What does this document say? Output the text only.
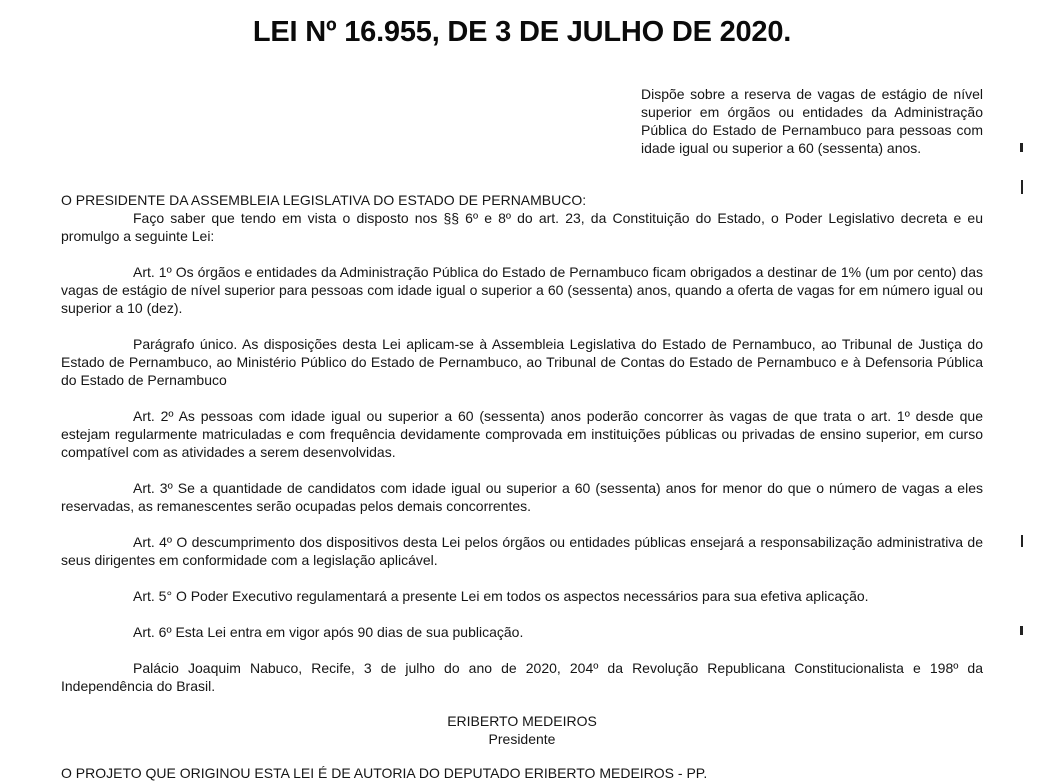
LEI Nº 16.955, DE 3 DE JULHO DE 2020.
Dispõe sobre a reserva de vagas de estágio de nível superior em órgãos ou entidades da Administração Pública do Estado de Pernambuco para pessoas com idade igual ou superior a 60 (sessenta) anos.

O PRESIDENTE DA ASSEMBLEIA LEGISLATIVA DO ESTADO DE PERNAMBUCO:

Faço saber que tendo em vista o disposto nos §§ 6º e 8º do art. 23, da Constituição do Estado, o Poder Legislativo decreta e eu promulgo a seguinte Lei:

Art. 1º Os órgãos e entidades da Administração Pública do Estado de Pernambuco ficam obrigados a destinar de 1% (um por cento) das vagas de estágio de nível superior para pessoas com idade igual o superior a 60 (sessenta) anos, quando a oferta de vagas for em número igual ou superior a 10 (dez).

Parágrafo único. As disposições desta Lei aplicam-se à Assembleia Legislativa do Estado de Pernambuco, ao Tribunal de Justiça do Estado de Pernambuco, ao Ministério Público do Estado de Pernambuco, ao Tribunal de Contas do Estado de Pernambuco e à Defensoria Pública do Estado de Pernambuco

Art. 2º As pessoas com idade igual ou superior a 60 (sessenta) anos poderão concorrer às vagas de que trata o art. 1º desde que estejam regularmente matriculadas e com frequência devidamente comprovada em instituições públicas ou privadas de ensino superior, em curso compatível com as atividades a serem desenvolvidas.

Art. 3º Se a quantidade de candidatos com idade igual ou superior a 60 (sessenta) anos for menor do que o número de vagas a eles reservadas, as remanescentes serão ocupadas pelos demais concorrentes.

Art. 4º O descumprimento dos dispositivos desta Lei pelos órgãos ou entidades públicas ensejará a responsabilização administrativa de seus dirigentes em conformidade com a legislação aplicável.

Art. 5° O Poder Executivo regulamentará a presente Lei em todos os aspectos necessários para sua efetiva aplicação.

Art. 6º Esta Lei entra em vigor após 90 dias de sua publicação.

Palácio Joaquim Nabuco, Recife, 3 de julho do ano de 2020, 204º da Revolução Republicana Constitucionalista e 198º da Independência do Brasil.

ERIBERTO MEDEIROS
Presidente
O PROJETO QUE ORIGINOU ESTA LEI É DE AUTORIA DO DEPUTADO ERIBERTO MEDEIROS - PP.
